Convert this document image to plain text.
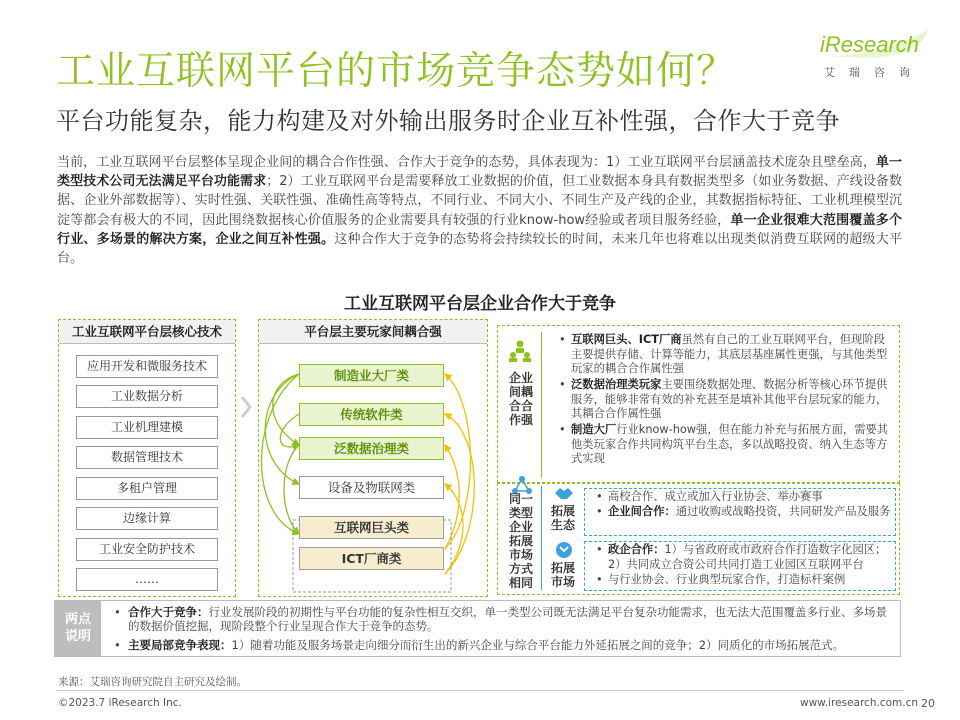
工业互联网平台的市场竞争态势如何？
平台功能复杂，能力构建及对外输出服务时企业互补性强，合作大于竞争
iResearch
艾瑞咨询
当前，工业互联网平台层整体呈现企业间的耦合合作性强、合作大于竞争的态势，具体表现为：1）工业互联网平台层涵盖技术庞杂且壁垒高，单一类型技术公司无法满足平台功能需求；2）工业互联网平台是需要释放工业数据的价值，但工业数据本身具有数据类型多（如业务数据、产线设备数据、企业外部数据等）、实时性强、关联性强、准确性高等特点，不同行业、不同大小、不同生产及产线的企业，其数据指标特征、工业机理模型沉淀等都会有极大的不同，因此围绕数据核心价值服务的企业需要具有较强的行业know-how经验或者项目服务经验，单一企业很难大范围覆盖多个行业、多场景的解决方案，企业之间互补性强。这种合作大于竞争的态势将会持续较长的时间，未来几年也将难以出现类似消费互联网的超级大平台。
工业互联网平台层企业合作大于竞争
工业互联网平台层核心技术
应用开发和微服务技术
工业数据分析
工业机理建模
数据管理技术
多租户管理
边缘计算
工业安全防护技术
……
平台层主要玩家间耦合强
制造业大厂类
传统软件类
泛数据治理类
设备及物联网类
互联网巨头类
ICT厂商类
企业
间耦
合合
作强
• 互联网巨头、ICT厂商虽然有自己的工业互联网平台，但现阶段主要提供存储、计算等能力，其底层基座属性更强，与其他类型玩家的耦合合作属性强
• 泛数据治理类玩家主要围绕数据处理、数据分析等核心环节提供服务，能够非常有效的补充甚至是填补其他平台层玩家的能力，其耦合合作属性强
• 制造大厂行业know-how强，但在能力补充与拓展方面，需要其他类玩家合作共同构筑平台生态，多以战略投资、纳入生态等方式实现
同一
类型
企业
拓展
市场
方式
相同
拓展
生态
• 高校合作、成立或加入行业协会、举办赛事
• 企业间合作：通过收购或战略投资，共同研发产品及服务
拓展
市场
• 政企合作：1）与省政府或市政府合作打造数字化园区；2）共同成立合资公司共同打造工业园区互联网平台
• 与行业协会、行业典型玩家合作，打造标杆案例
两点
说明
• 合作大于竞争：行业发展阶段的初期性与平台功能的复杂性相互交织，单一类型公司既无法满足平台复杂功能需求，也无法大范围覆盖多行业、多场景的数据价值挖掘，现阶段整个行业呈现合作大于竞争的态势。
• 主要局部竞争表现：1）随着功能及服务场景走向细分而衍生出的新兴企业与综合平台能力外延拓展之间的竞争；2）同质化的市场拓展范式。
来源：艾瑞咨询研究院自主研究及绘制。
©2023.7 iResearch Inc.	www.iresearch.com.cn 20
